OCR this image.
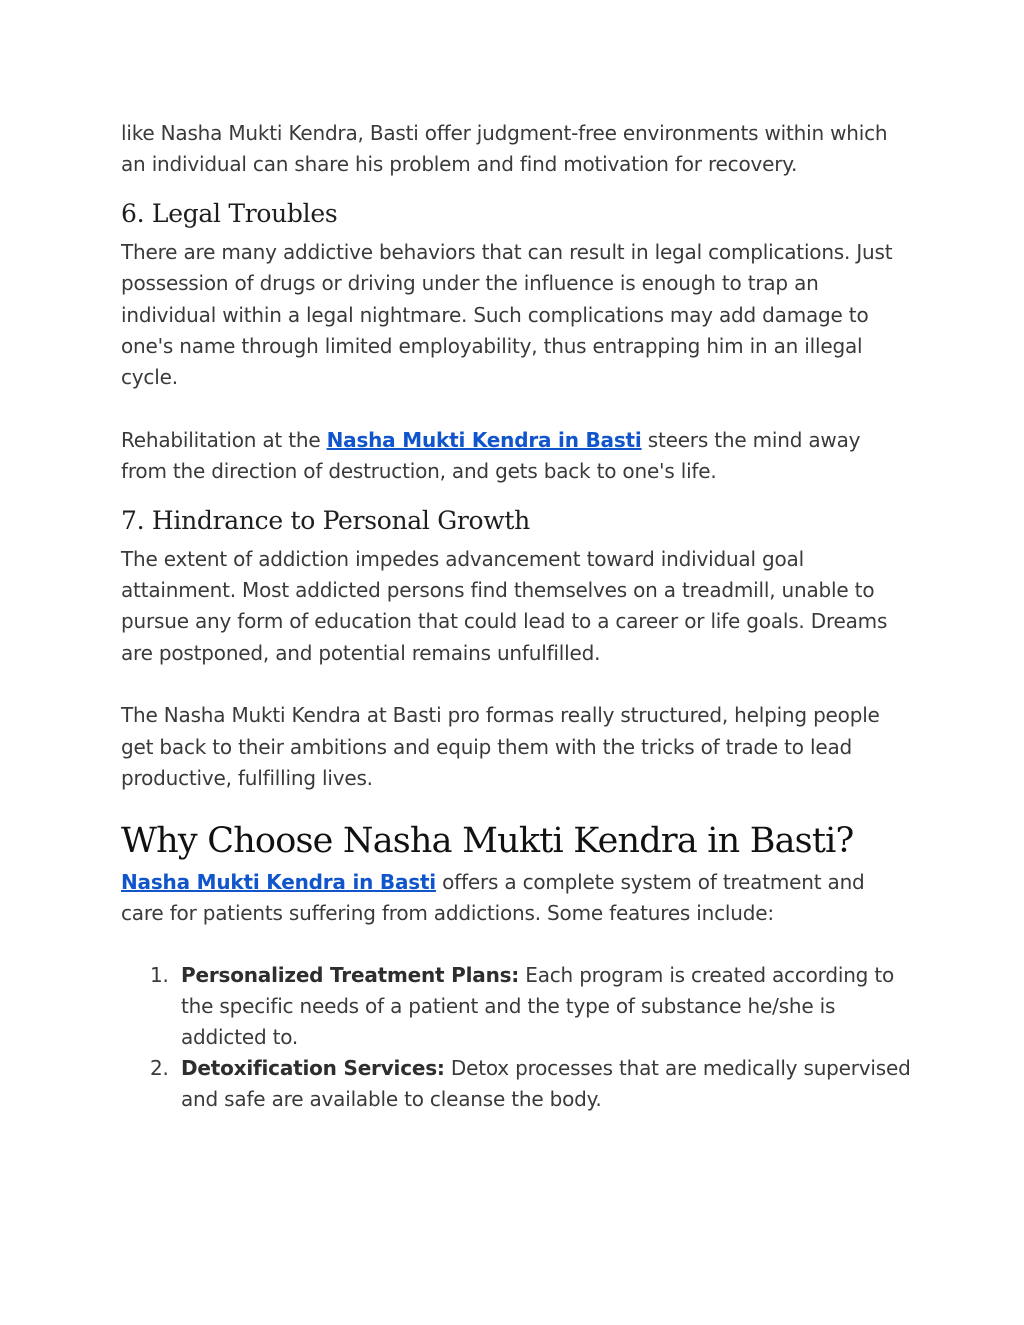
like Nasha Mukti Kendra, Basti offer judgment-free environments within which an individual can share his problem and find motivation for recovery.

6. Legal Troubles

There are many addictive behaviors that can result in legal complications. Just possession of drugs or driving under the influence is enough to trap an individual within a legal nightmare. Such complications may add damage to one's name through limited employability, thus entrapping him in an illegal cycle.

Rehabilitation at the Nasha Mukti Kendra in Basti steers the mind away from the direction of destruction, and gets back to one's life.

7. Hindrance to Personal Growth

The extent of addiction impedes advancement toward individual goal attainment. Most addicted persons find themselves on a treadmill, unable to pursue any form of education that could lead to a career or life goals. Dreams are postponed, and potential remains unfulfilled.

The Nasha Mukti Kendra at Basti pro formas really structured, helping people get back to their ambitions and equip them with the tricks of trade to lead productive, fulfilling lives.

Why Choose Nasha Mukti Kendra in Basti?

Nasha Mukti Kendra in Basti offers a complete system of treatment and care for patients suffering from addictions. Some features include:

1. Personalized Treatment Plans: Each program is created according to the specific needs of a patient and the type of substance he/she is addicted to.
2. Detoxification Services: Detox processes that are medically supervised and safe are available to cleanse the body.
